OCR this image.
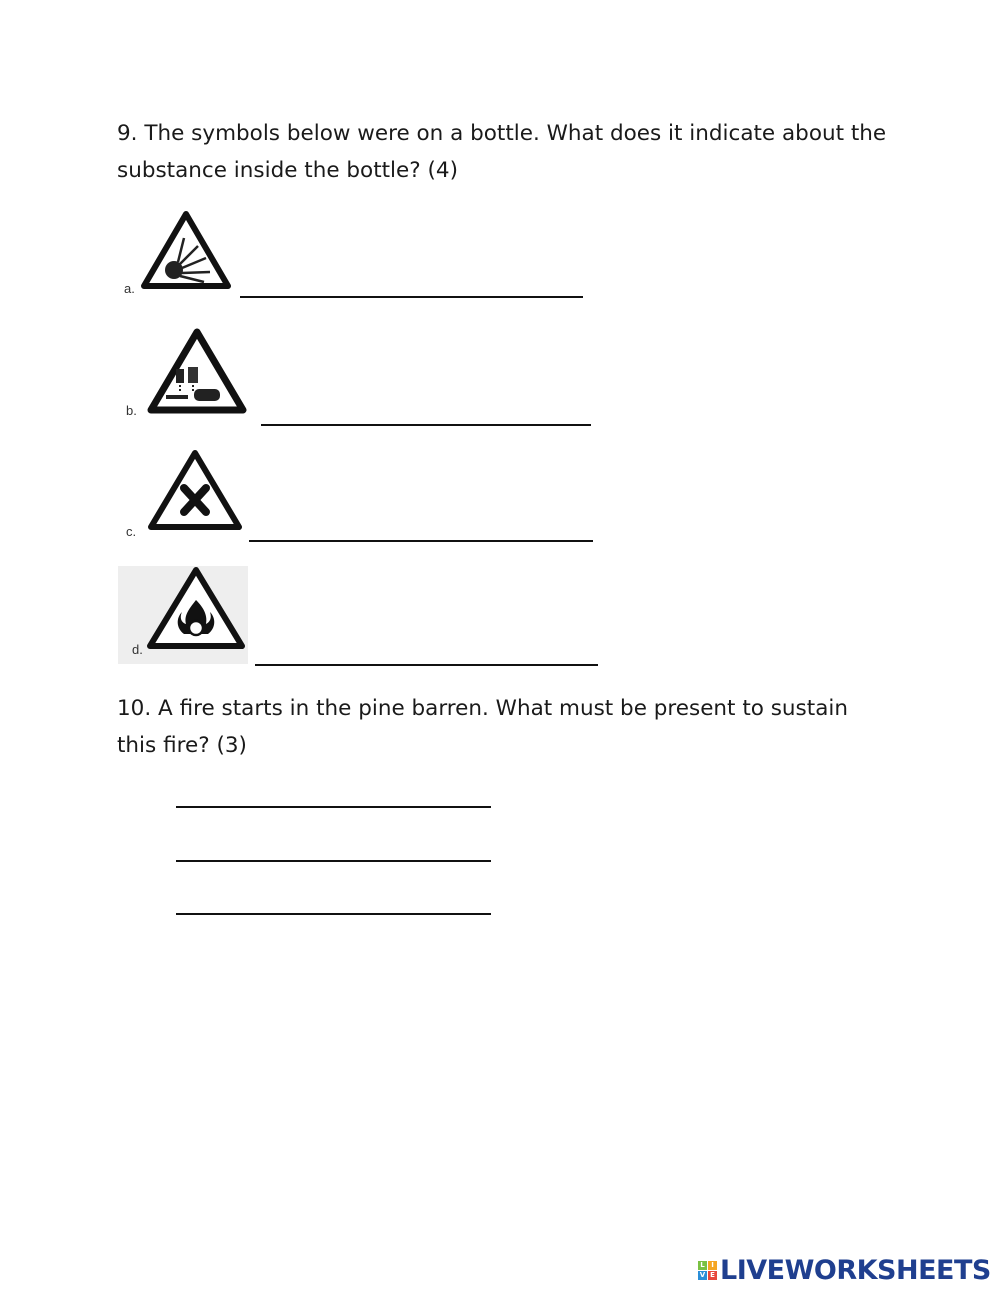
9. The symbols below were on a bottle. What does it indicate about the
substance inside the bottle? (4)
a.
b.
c.
d.
10. A fire starts in the pine barren. What must be present to sustain
this fire? (3)
L I
V E LIVEWORKSHEETS
